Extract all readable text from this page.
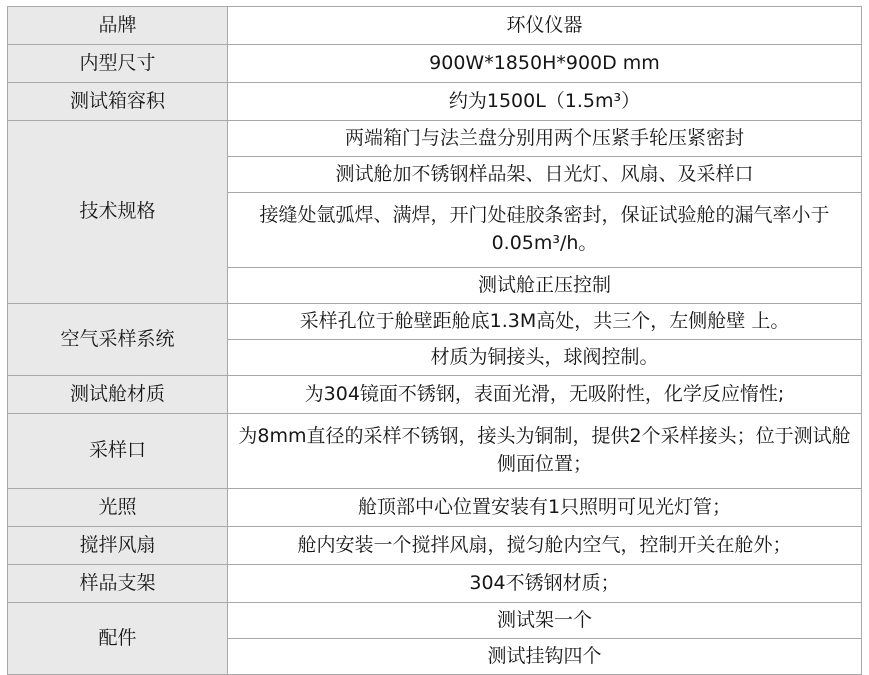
品牌	环仪仪器
内型尺寸	900W*1850H*900D mm
测试箱容积	约为1500L（1.5m³）
技术规格	两端箱门与法兰盘分别用两个压紧手轮压紧密封
	测试舱加不锈钢样品架、日光灯、风扇、及采样口
	接缝处氩弧焊、满焊，开门处硅胶条密封，保证试验舱的漏气率小于0.05m³/h。
	测试舱正压控制
空气采样系统	采样孔位于舱壁距舱底1.3M高处，共三个，左侧舱壁 上。
	材质为铜接头，球阀控制。
测试舱材质	为304镜面不锈钢，表面光滑，无吸附性，化学反应惰性;
采样口	为8mm直径的采样不锈钢，接头为铜制，提供2个采样接头；位于测试舱侧面位置；
光照	舱顶部中心位置安装有1只照明可见光灯管；
搅拌风扇	舱内安装一个搅拌风扇，搅匀舱内空气，控制开关在舱外；
样品支架	304不锈钢材质；
配件	测试架一个
	测试挂钩四个
